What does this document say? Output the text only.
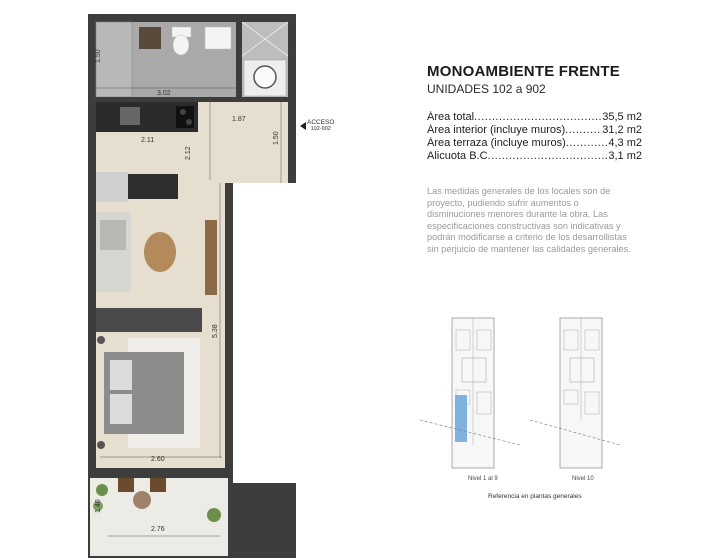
1.50
3.02
1.87
1.50
2.11
2.12
5.38
2.60
1.40
2.76
ACCESO
102-902
MONOAMBIENTE FRENTE
UNIDADES 102 a 902
Área total .....	35,5 m2
Área interior (incluye muros) .....	31,2 m2
Área terraza (incluye muros) .....	4,3 m2
Alicuota B.C .....	3,1 m2
Las medidas generales de los locales son de proyecto, pudiendo sufrir aumentos o disminuciones menores durante la obra. Las especificaciones constructivas son indicativas y podrán modificarse a criterio de los desarrollistas sin perjuicio de mantener las calidades generales.
Nivel 1 al 9	Nivel 10
Referencia en plantas generales
